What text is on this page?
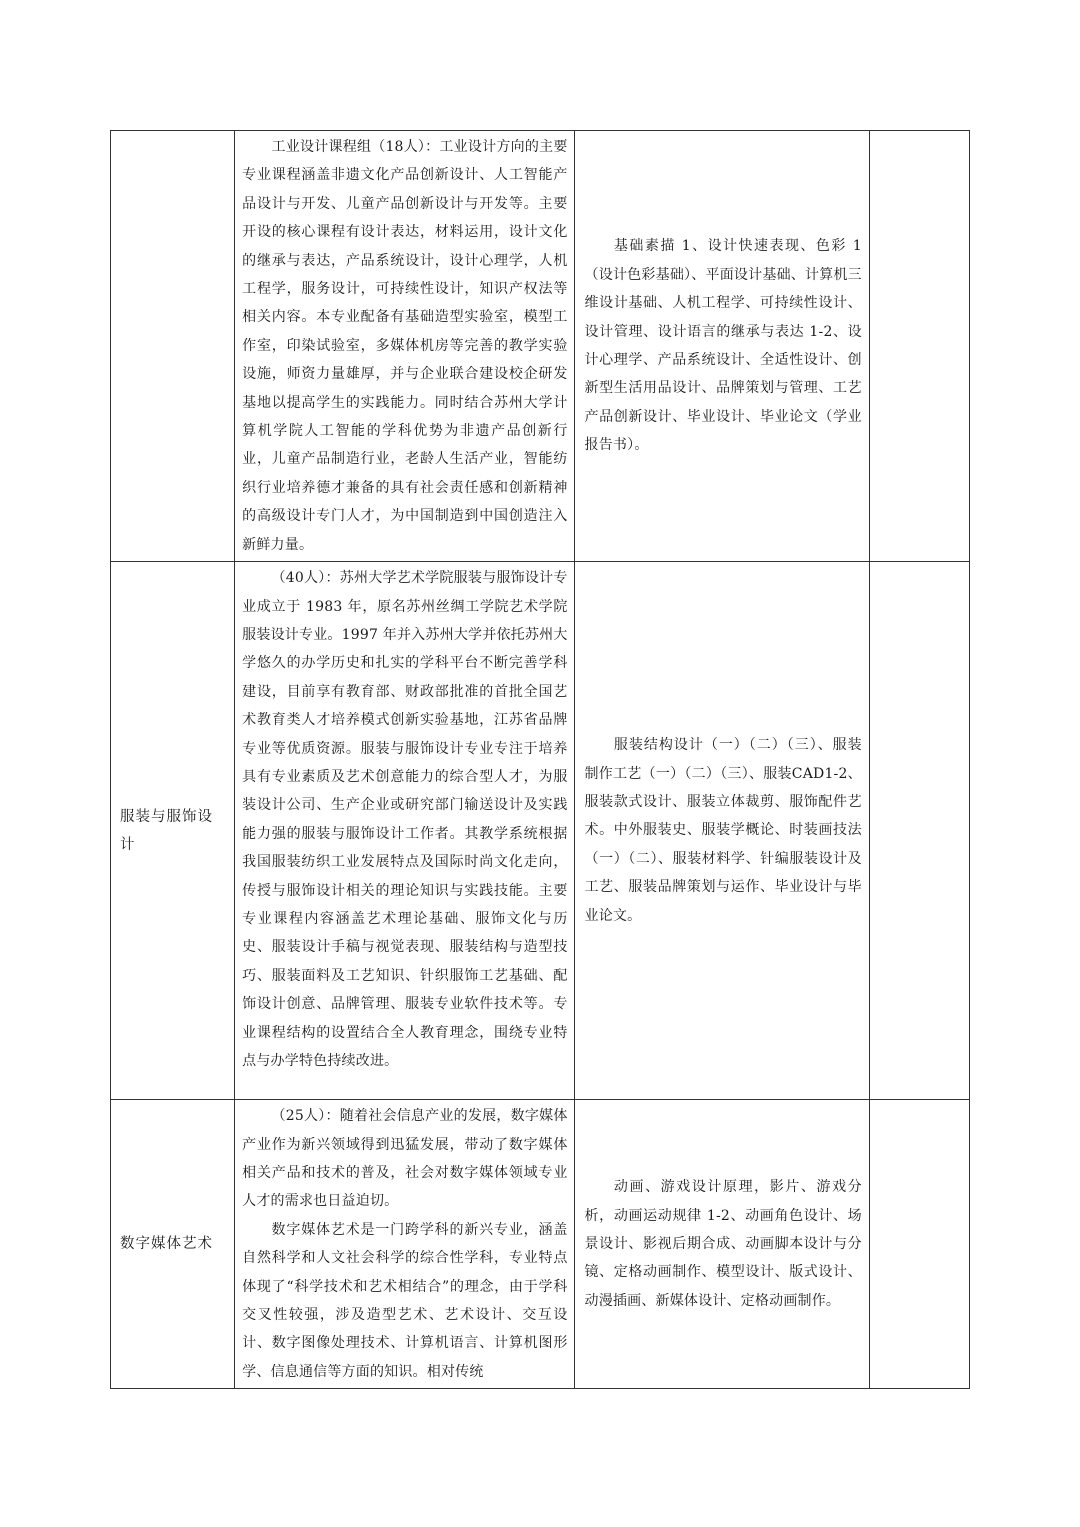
	工业设计课程组（18人）：工业设计方向的主要专业课程涵盖非遗文化产品创新设计、人工智能产品设计与开发、儿童产品创新设计与开发等。主要开设的核心课程有设计表达，材料运用，设计文化的继承与表达，产品系统设计，设计心理学，人机工程学，服务设计，可持续性设计，知识产权法等相关内容。本专业配备有基础造型实验室，模型工作室，印染试验室，多媒体机房等完善的教学实验设施，师资力量雄厚，并与企业联合建设校企研发基地以提高学生的实践能力。同时结合苏州大学计算机学院人工智能的学科优势为非遗产品创新行业，儿童产品制造行业，老龄人生活产业，智能纺织行业培养德才兼备的具有社会责任感和创新精神的高级设计专门人才，为中国制造到中国创造注入新鲜力量。	基础素描 1、设计快速表现、色彩 1（设计色彩基础）、平面设计基础、计算机三维设计基础、人机工程学、可持续性设计、设计管理、设计语言的继承与表达 1-2、设计心理学、产品系统设计、全适性设计、创新型生活用品设计、品牌策划与管理、工艺产品创新设计、毕业设计、毕业论文（学业报告书）。	

服装与服饰设计	（40人）：苏州大学艺术学院服装与服饰设计专业成立于 1983 年，原名苏州丝绸工学院艺术学院服装设计专业。1997 年并入苏州大学并依托苏州大学悠久的办学历史和扎实的学科平台不断完善学科建设，目前享有教育部、财政部批准的首批全国艺术教育类人才培养模式创新实验基地，江苏省品牌专业等优质资源。服装与服饰设计专业专注于培养具有专业素质及艺术创意能力的综合型人才，为服装设计公司、生产企业或研究部门输送设计及实践能力强的服装与服饰设计工作者。其教学系统根据我国服装纺织工业发展特点及国际时尚文化走向，传授与服饰设计相关的理论知识与实践技能。主要专业课程内容涵盖艺术理论基础、服饰文化与历史、服装设计手稿与视觉表现、服装结构与造型技巧、服装面料及工艺知识、针织服饰工艺基础、配饰设计创意、品牌管理、服装专业软件技术等。专业课程结构的设置结合全人教育理念，围绕专业特点与办学特色持续改进。	服装结构设计（一）（二）（三）、服装制作工艺（一）（二）（三）、服装CAD1-2、服装款式设计、服装立体裁剪、服饰配件艺术。中外服装史、服装学概论、时装画技法（一）（二）、服装材料学、针编服装设计及工艺、服装品牌策划与运作、毕业设计与毕业论文。	

数字媒体艺术	（25人）：随着社会信息产业的发展，数字媒体产业作为新兴领域得到迅猛发展，带动了数字媒体相关产品和技术的普及，社会对数字媒体领域专业人才的需求也日益迫切。

数字媒体艺术是一门跨学科的新兴专业，涵盖自然科学和人文社会科学的综合性学科，专业特点体现了“科学技术和艺术相结合”的理念，由于学科交叉性较强，涉及造型艺术、艺术设计、交互设计、数字图像处理技术、计算机语言、计算机图形学、信息通信等方面的知识。相对传统	动画、游戏设计原理，影片、游戏分析，动画运动规律 1-2、动画角色设计、场景设计、影视后期合成、动画脚本设计与分镜、定格动画制作、模型设计、版式设计、动漫插画、新媒体设计、定格动画制作。	
